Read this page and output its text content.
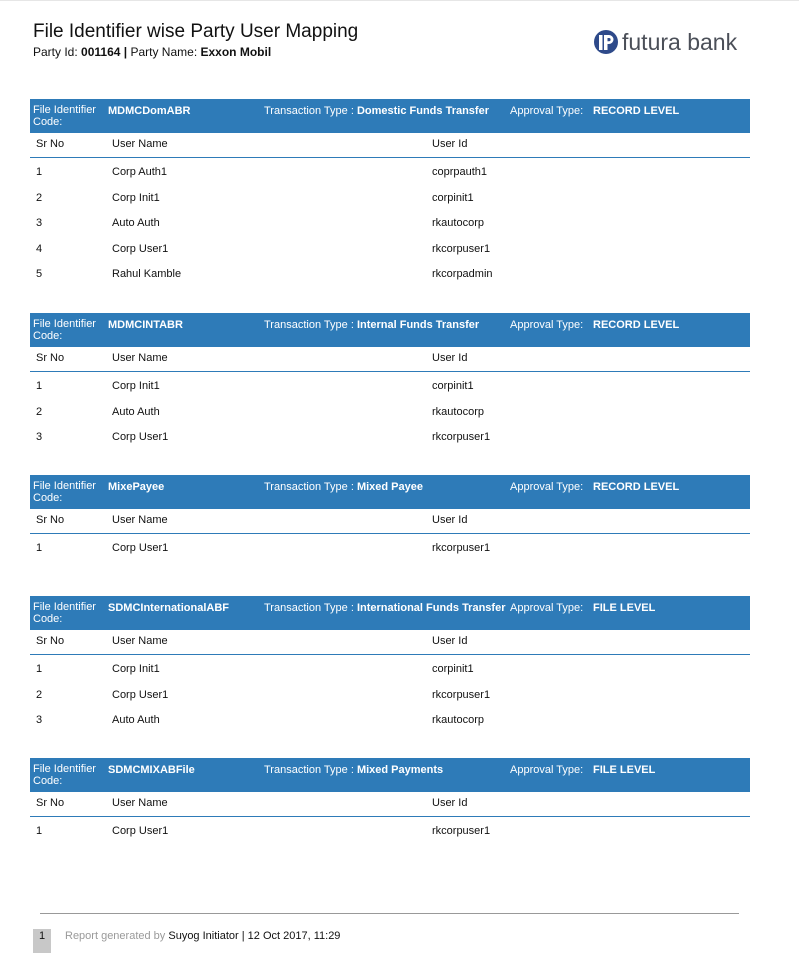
File Identifier wise Party User Mapping
Party Id: 001164 | Party Name: Exxon Mobil	futura bank
File Identifier Code:
MDMCDomABR	Transaction Type : Domestic Funds Transfer Approval Type: RECORD LEVEL
Sr No	User Name	User Id
1	Corp Auth1	coprpauth1
2	Corp Init1	corpinit1
3	Auto Auth	rkautocorp
4	Corp User1	rkcorpuser1
5	Rahul Kamble	rkcorpadmin
File Identifier Code:
MDMCINTABR	Transaction Type : Internal Funds Transfer	Approval Type: RECORD LEVEL
Sr No	User Name	User Id
1	Corp Init1	corpinit1
2	Auto Auth	rkautocorp
3	Corp User1	rkcorpuser1
File Identifier Code:
MixePayee	Transaction Type : Mixed Payee	Approval Type: RECORD LEVEL
Sr No	User Name	User Id
1	Corp User1	rkcorpuser1
File Identifier Code:
SDMCInternationalABF	Transaction Type : International Funds Transfer Approval Type: FILE LEVEL
Sr No	User Name	User Id
1	Corp Init1	corpinit1
2	Corp User1	rkcorpuser1
3	Auto Auth	rkautocorp
File Identifier Code:
SDMCMIXABFile	Transaction Type : Mixed Payments	Approval Type: FILE LEVEL
Sr No	User Name	User Id
1	Corp User1	rkcorpuser1
1	Report generated by Suyog Initiator | 12 Oct 2017, 11:29
